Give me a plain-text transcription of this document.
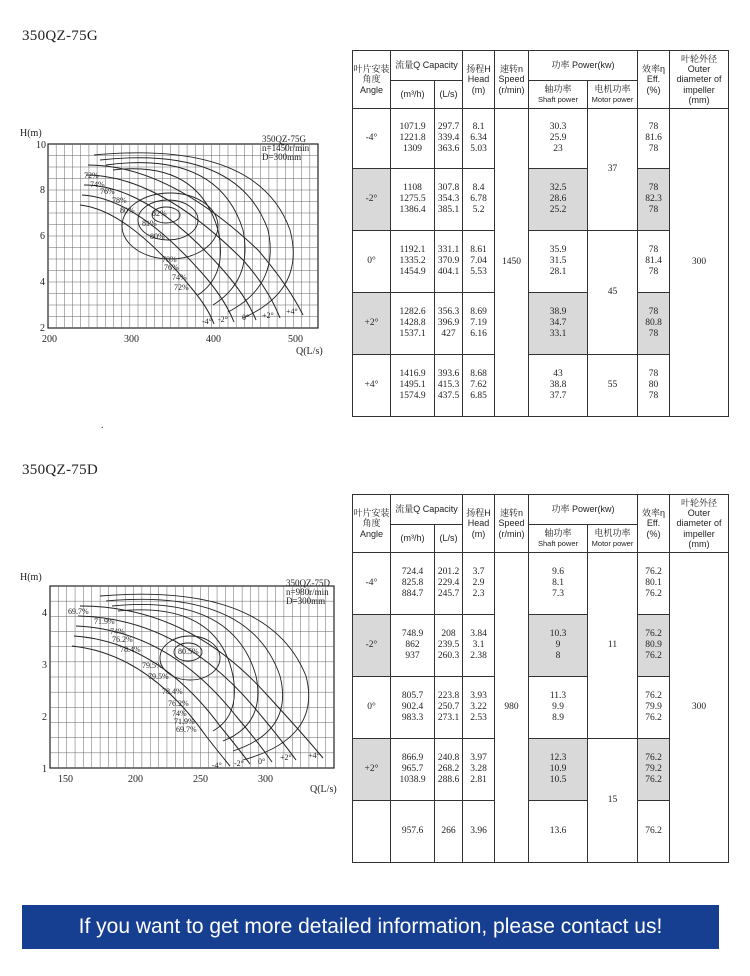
350QZ-75G
350QZ-75G
n=1450r/min
D=300mm
H(m)
Q(L/s)
10
8
6
4
2
200	300	400	500
72%
74%
76%
78%
80% 82%
81%
80%
78%
76%
74%
72%
-4° -2° 0° +2° +4°
.
叶片安装角度
Angle	流量Q Capacity		扬程H Head
(m)	速转n Speed
(r/min)	功率 Power(kw)		效率η Eff.
(%)	叶轮外径 Outer diameter of impeller
(mm)
	(m³/h)	(L/s)			轴功率
Shaft power	电机功率
Motor power		
-4°	1071.9
1221.8
1309	297.7
339.4
363.6	8.1
6.34
5.03	1450	30.3
25.9
23	37	78
81.6
78	300
-2°	1108
1275.5
1386.4	307.8
354.3
385.1	8.4
6.78
5.2		32.5
28.6
25.2		78
82.3
78	

0°	1192.1
1335.2
1454.9	331.1
370.9
404.1	8.61
7.04
5.53		35.9
31.5
28.1	45	78
81.4
78	

+2°	1282.6
1428.8
1537.1	356.3
396.9
427	8.69
7.19
6.16		38.9
34.7
33.1		78
80.8
78	

+4°	1416.9
1495.1
1574.9	393.6
415.3
437.5	8.68
7.62
6.85		43
38.8
37.7	55	78
80
78	
350QZ-75D
350QZ-75D
n=980r/min
D=300mm
H(m)
Q(L/s)
4
3
2
1
150	200	250	300
69.7%
71.9%
74%
76.2%
78.4%	80.5%
79.5%
79.5%
78.4%
76.2%
74%
71.9%
69.7%
-4° -2° 0° +2° +4°
叶片安装角度
Angle	流量Q Capacity		扬程H Head
(m)	速转n Speed
(r/min)	功率 Power(kw)		效率η Eff.
(%)	叶轮外径 Outer diameter of impeller
(mm)
	(m³/h)	(L/s)			轴功率
Shaft power	电机功率
Motor power		
-4°	724.4
825.8
884.7	201.2
229.4
245.7	3.7
2.9
2.3	980	9.6
8.1
7.3	11	76.2
80.1
76.2	300
-2°	748.9
862
937	208
239.5
260.3	3.84
3.1
2.38		10.3
9
8		76.2
80.9
76.2	

0°	805.7
902.4
983.3	223.8
250.7
273.1	3.93
3.22
2.53		11.3
9.9
8.9		76.2
79.9
76.2	

+2°	866.9
965.7
1038.9	240.8
268.2
288.6	3.97
3.28
2.81		12.3
10.9
10.5	15	76.2
79.2
76.2	

	957.6	266	3.96		13.6		76.2	
If you want to get more detailed information, please contact us!
